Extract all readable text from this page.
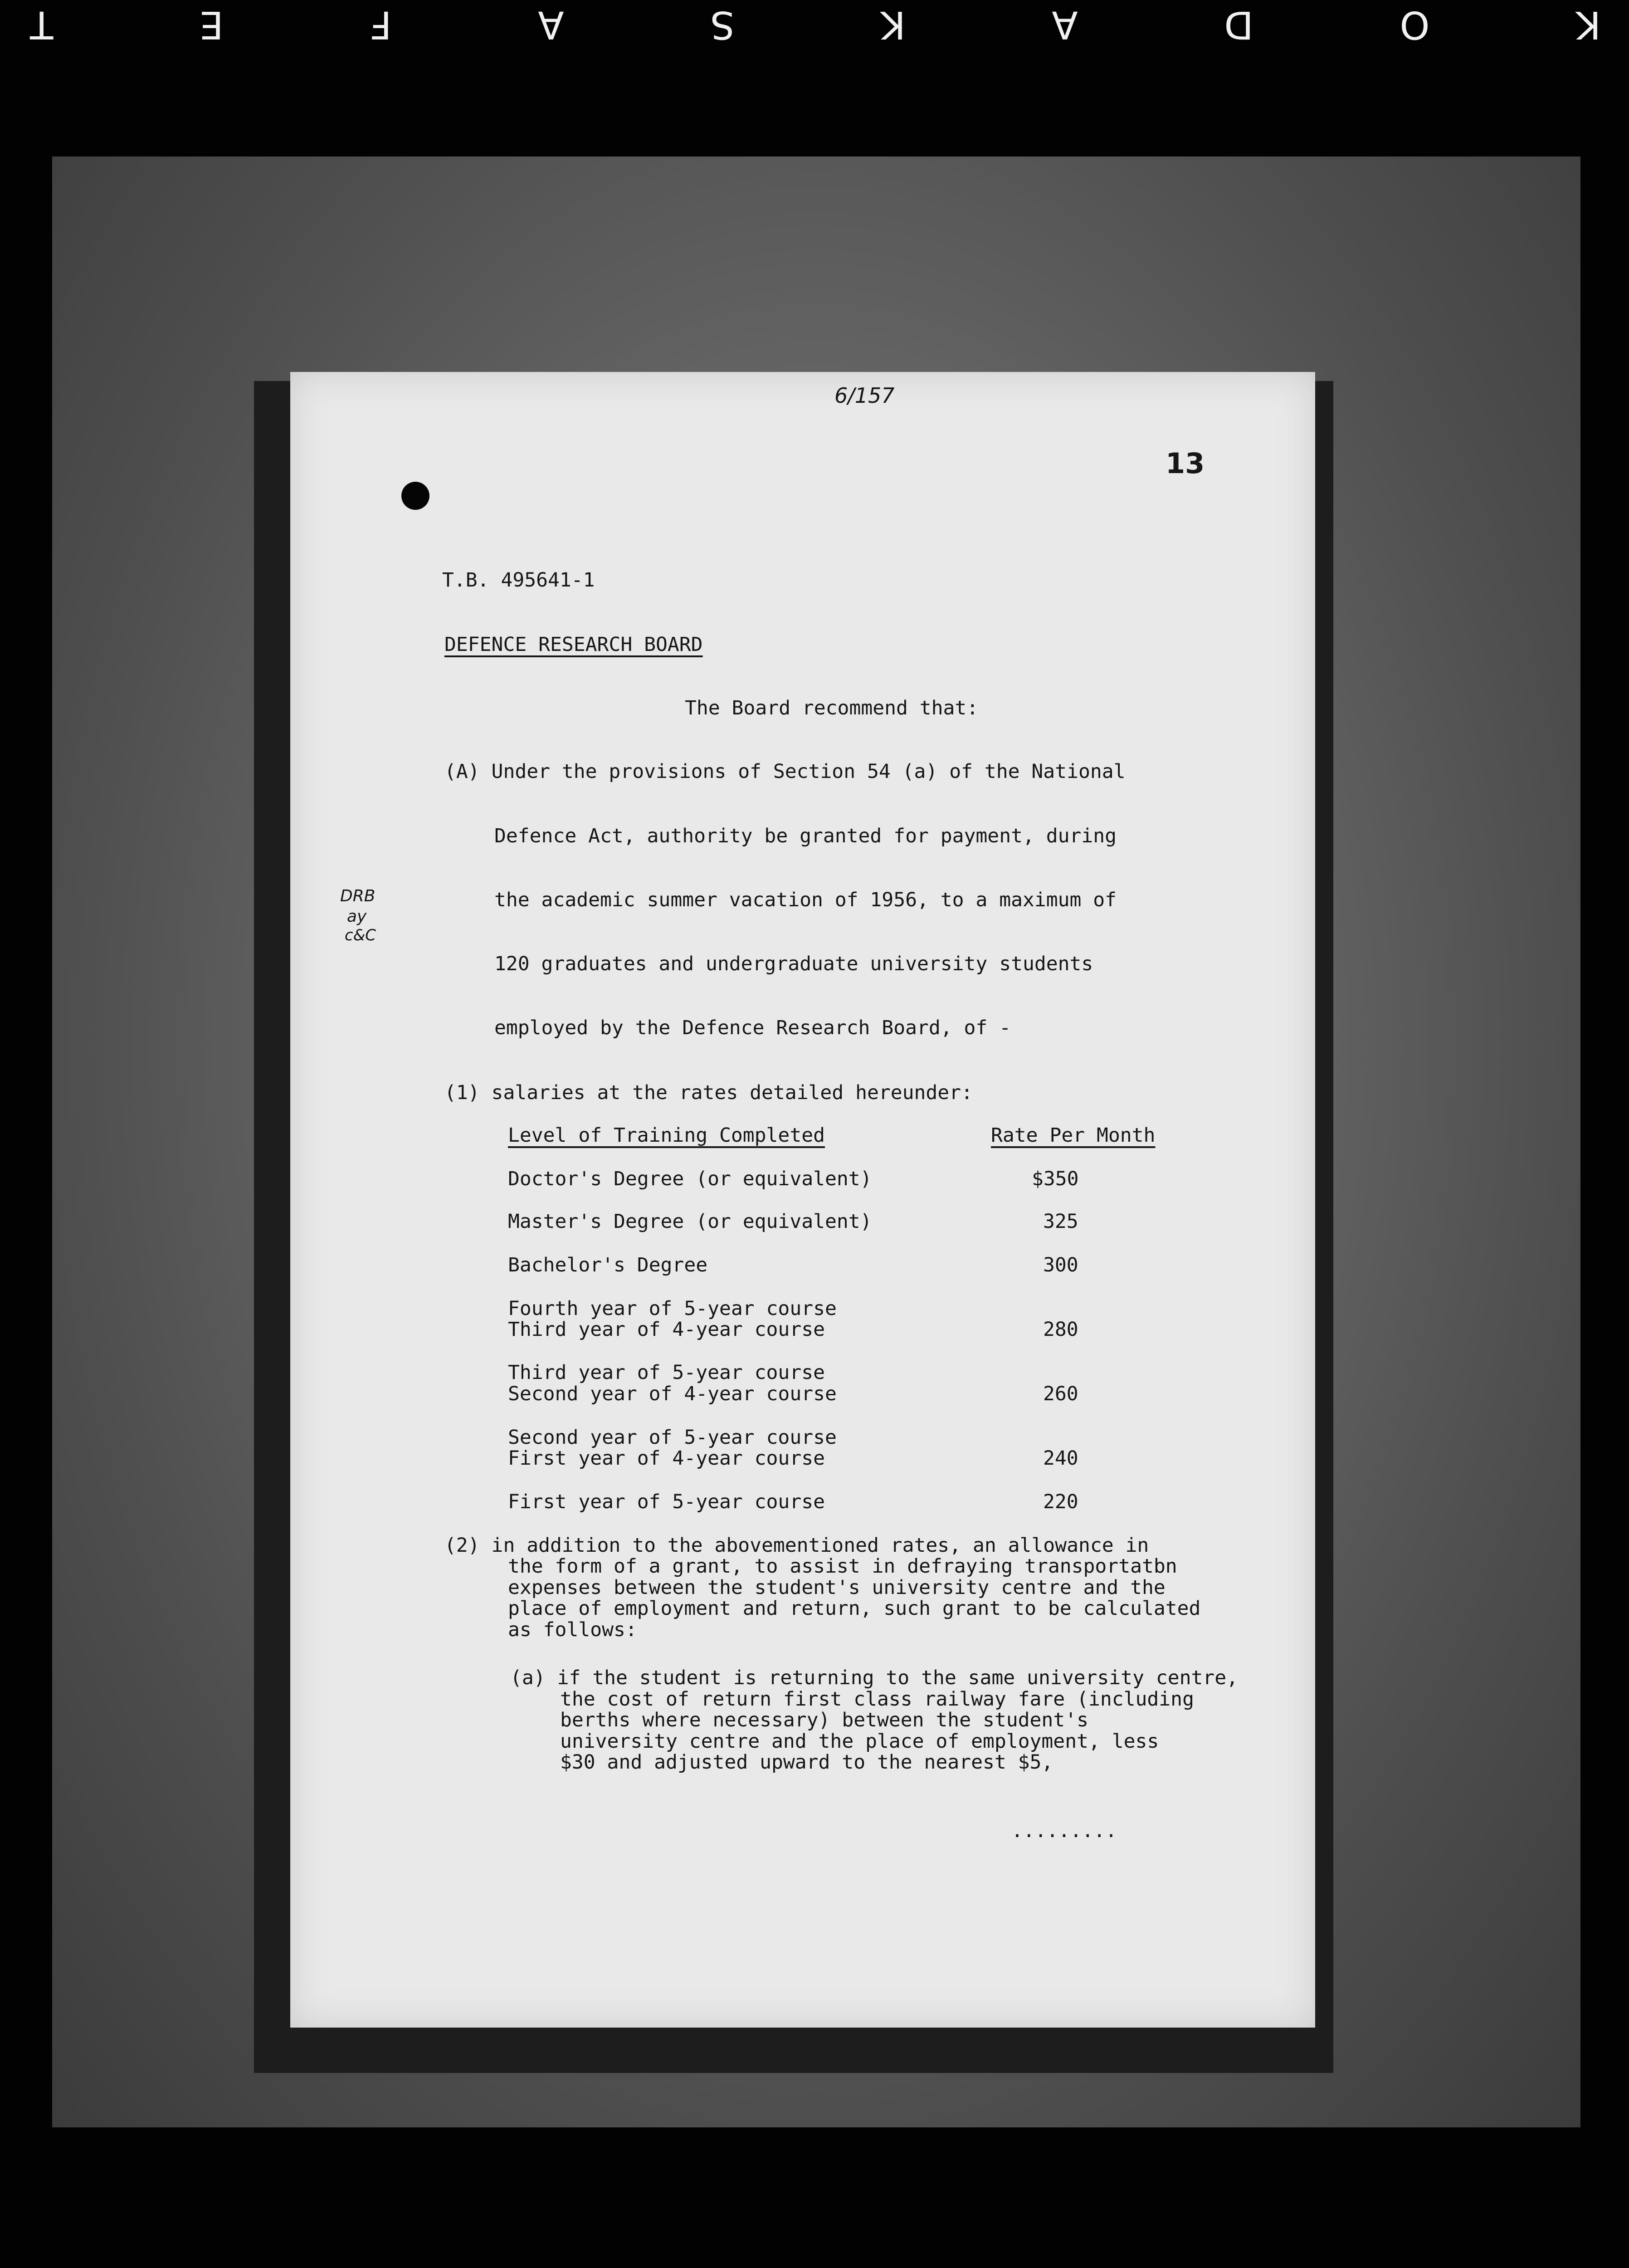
K
O
D
A
K
S
A
F
E
T
6/157
13
T.B. 495641-1
DEFENCE RESEARCH BOARD
The Board recommend that:
(A) Under the provisions of Section 54 (a) of the National
Defence Act, authority be granted for payment, during
the academic summer vacation of 1956, to a maximum of
120 graduates and undergraduate university students
employed by the Defence Research Board, of -
DRB
ay
c&C
(1) salaries at the rates detailed hereunder:
Level of Training Completed	Rate Per Month
Doctor's Degree (or equivalent)	$350
Master's Degree (or equivalent)	325
Bachelor's Degree	300
Fourth year of 5-year course
Third year of 4-year course	280
Third year of 5-year course
Second year of 4-year course	260
Second year of 5-year course
First year of 4-year course	240
First year of 5-year course	220
(2) in addition to the abovementioned rates, an allowance in
the form of a grant, to assist in defraying transportatbn
expenses between the student's university centre and the
place of employment and return, such grant to be calculated
as follows:
(a) if the student is returning to the same university centre,
the cost of return first class railway fare (including
berths where necessary) between the student's
university centre and the place of employment, less
$30 and adjusted upward to the nearest $5,
.........
